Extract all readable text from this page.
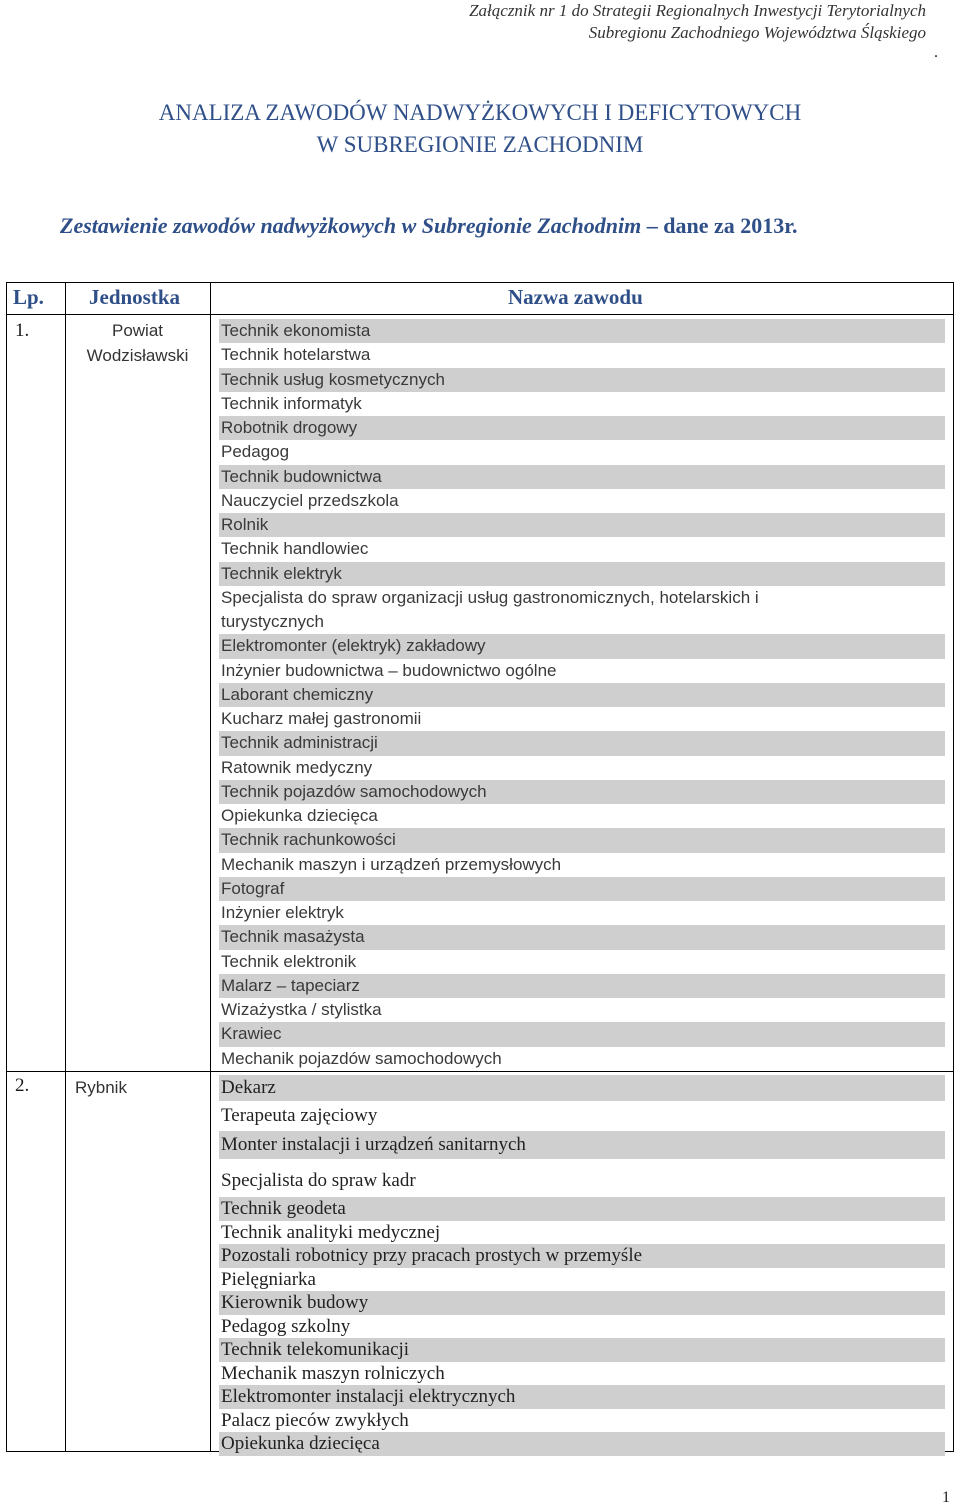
Załącznik nr 1 do Strategii Regionalnych Inwestycji Terytorialnych
Subregionu Zachodniego Województwa Śląskiego
.
ANALIZA ZAWODÓW NADWYŻKOWYCH I DEFICYTOWYCH
W SUBREGIONIE ZACHODNIM
Zestawienie zawodów nadwyżkowych w Subregionie Zachodnim – dane za 2013r.
Lp. Jednostka	Nazwa zawodu
1.	Powiat Wodzisławski
Technik ekonomista
Technik hotelarstwa
Technik usług kosmetycznych
Technik informatyk
Robotnik drogowy
Pedagog
Technik budownictwa
Nauczyciel przedszkola
Rolnik
Technik handlowiec
Technik elektryk
Specjalista do spraw organizacji usług gastronomicznych, hotelarskich i
turystycznych
Elektromonter (elektryk) zakładowy
Inżynier budownictwa – budownictwo ogólne
Laborant chemiczny
Kucharz małej gastronomii
Technik administracji
Ratownik medyczny
Technik pojazdów samochodowych
Opiekunka dziecięca
Technik rachunkowości
Mechanik maszyn i urządzeń przemysłowych
Fotograf
Inżynier elektryk
Technik masażysta
Technik elektronik
Malarz – tapeciarz
Wizażystka / stylistka
Krawiec
Mechanik pojazdów samochodowych
2.	Rybnik	Dekarz
Terapeuta zajęciowy
Monter instalacji i urządzeń sanitarnych
Specjalista do spraw kadr
Technik geodeta
Technik analityki medycznej
Pozostali robotnicy przy pracach prostych w przemyśle
Pielęgniarka
Kierownik budowy
Pedagog szkolny
Technik telekomunikacji
Mechanik maszyn rolniczych
Elektromonter instalacji elektrycznych
Palacz pieców zwykłych
Opiekunka dziecięca
1
